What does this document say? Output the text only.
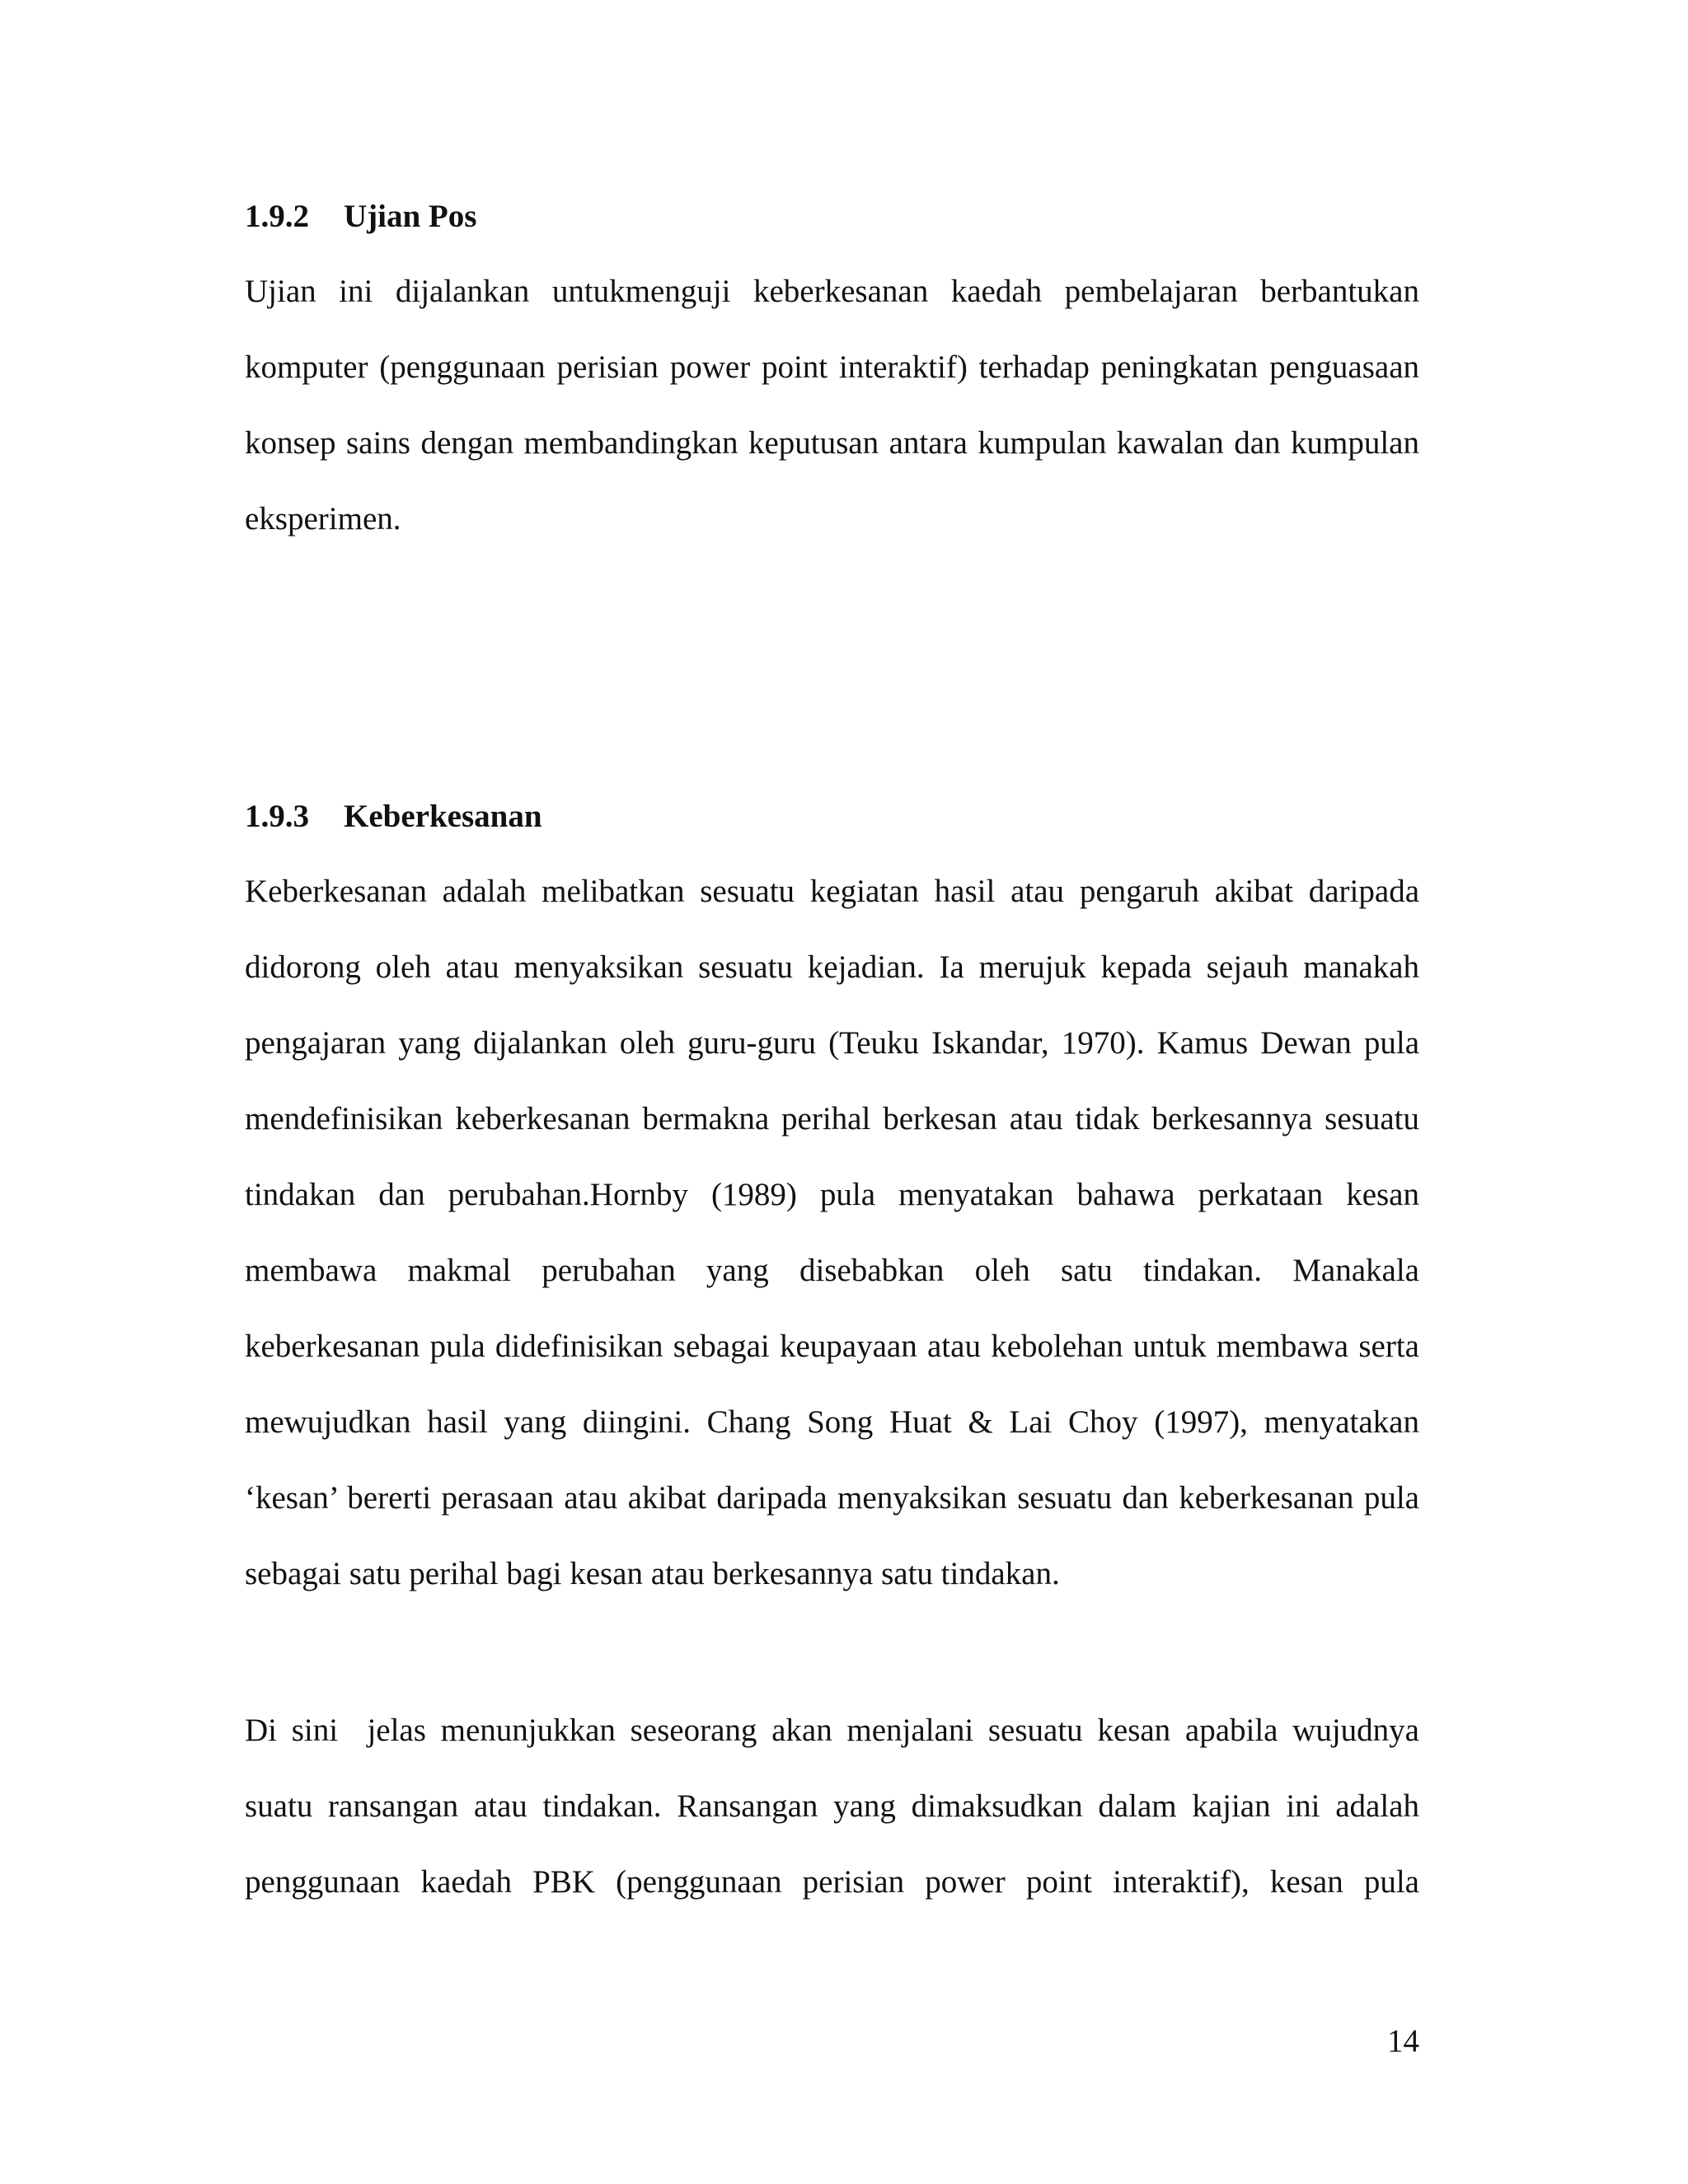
1.9.2 Ujian Pos
Ujian ini dijalankan untukmenguji keberkesanan kaedah pembelajaran berbantukan
komputer (penggunaan perisian power point interaktif) terhadap peningkatan penguasaan
konsep sains dengan membandingkan keputusan antara kumpulan kawalan dan kumpulan
eksperimen.
1.9.3 Keberkesanan
Keberkesanan adalah melibatkan sesuatu kegiatan hasil atau pengaruh akibat daripada
didorong oleh atau menyaksikan sesuatu kejadian. Ia merujuk kepada sejauh manakah
pengajaran yang dijalankan oleh guru-guru (Teuku Iskandar, 1970). Kamus Dewan pula
mendefinisikan keberkesanan bermakna perihal berkesan atau tidak berkesannya sesuatu
tindakan dan perubahan.Hornby (1989) pula menyatakan bahawa perkataan kesan
membawa makmal perubahan yang disebabkan oleh satu tindakan. Manakala
keberkesanan pula didefinisikan sebagai keupayaan atau kebolehan untuk membawa serta
mewujudkan hasil yang diingini. Chang Song Huat & Lai Choy (1997), menyatakan
‘kesan’ bererti perasaan atau akibat daripada menyaksikan sesuatu dan keberkesanan pula
sebagai satu perihal bagi kesan atau berkesannya satu tindakan.
Di sini  jelas menunjukkan seseorang akan menjalani sesuatu kesan apabila wujudnya
suatu ransangan atau tindakan. Ransangan yang dimaksudkan dalam kajian ini adalah
penggunaan kaedah PBK (penggunaan perisian power point interaktif), kesan pula
14
